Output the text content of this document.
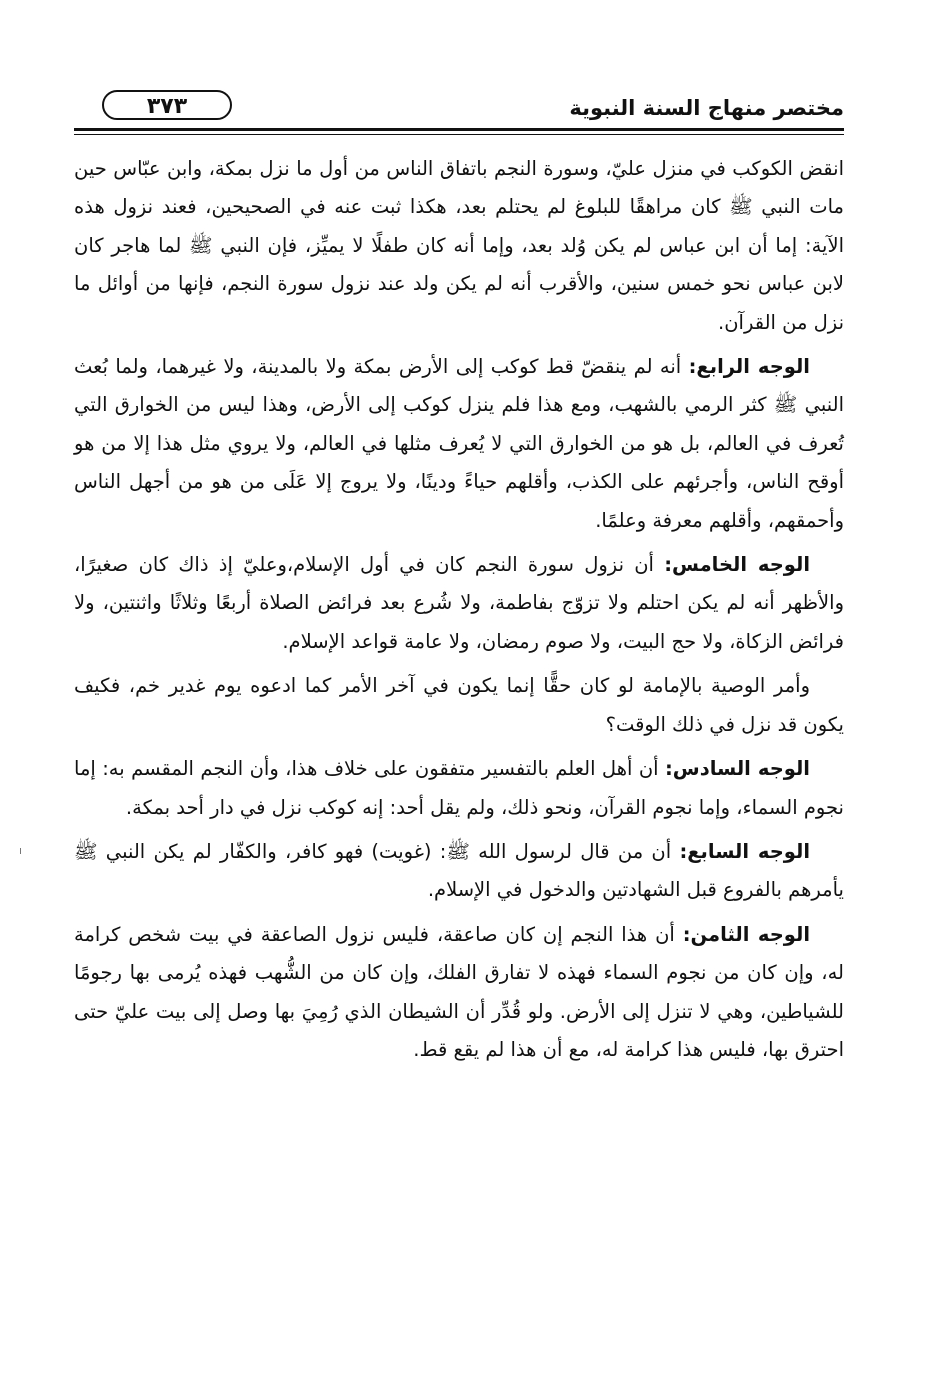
مختصر منهاج السنة النبوية
٣٧٣

انقض الكوكب في منزل عليّ، وسورة النجم باتفاق الناس من أول ما نزل بمكة، وابن عبّاس حين مات النبي ﷺ كان مراهقًا للبلوغ لم يحتلم بعد، هكذا ثبت عنه في الصحيحين، فعند نزول هذه الآية: إما أن ابن عباس لم يكن وُلد بعد، وإما أنه كان طفلًا لا يميِّز، فإن النبي ﷺ لما هاجر كان لابن عباس نحو خمس سنين، والأقرب أنه لم يكن ولد عند نزول سورة النجم، فإنها من أوائل ما نزل من القرآن.

الوجه الرابع: أنه لم ينقضّ قط كوكب إلى الأرض بمكة ولا بالمدينة، ولا غيرهما، ولما بُعث النبي ﷺ كثر الرمي بالشهب، ومع هذا فلم ينزل كوكب إلى الأرض، وهذا ليس من الخوارق التي تُعرف في العالم، بل هو من الخوارق التي لا يُعرف مثلها في العالم، ولا يروي مثل هذا إلا من هو أوقح الناس، وأجرئهم على الكذب، وأقلهم حياءً ودينًا، ولا يروج إلا عَلَى من هو من أجهل الناس وأحمقهم، وأقلهم معرفة وعلمًا.

الوجه الخامس: أن نزول سورة النجم كان في أول الإسلام،وعليّ إذ ذاك كان صغيرًا، والأظهر أنه لم يكن احتلم ولا تزوّج بفاطمة، ولا شُرع بعد فرائض الصلاة أربعًا وثلاثًا واثنتين، ولا فرائض الزكاة، ولا حج البيت، ولا صوم رمضان، ولا عامة قواعد الإسلام.

وأمر الوصية بالإمامة لو كان حقًّا إنما يكون في آخر الأمر كما ادعوه يوم غدير خم، فكيف يكون قد نزل في ذلك الوقت؟

الوجه السادس: أن أهل العلم بالتفسير متفقون على خلاف هذا، وأن النجم المقسم به: إما نجوم السماء، وإما نجوم القرآن، ونحو ذلك، ولم يقل أحد: إنه كوكب نزل في دار أحد بمكة.

الوجه السابع: أن من قال لرسول الله ﷺ: (غويت) فهو كافر، والكفّار لم يكن النبي ﷺ يأمرهم بالفروع قبل الشهادتين والدخول في الإسلام.

الوجه الثامن: أن هذا النجم إن كان صاعقة، فليس نزول الصاعقة في بيت شخص كرامة له، وإن كان من نجوم السماء فهذه لا تفارق الفلك، وإن كان من الشُّهب فهذه يُرمى بها رجومًا للشياطين، وهي لا تنزل إلى الأرض. ولو قُدِّر أن الشيطان الذي رُمِيَ بها وصل إلى بيت عليّ حتى احترق بها، فليس هذا كرامة له، مع أن هذا لم يقع قط.
